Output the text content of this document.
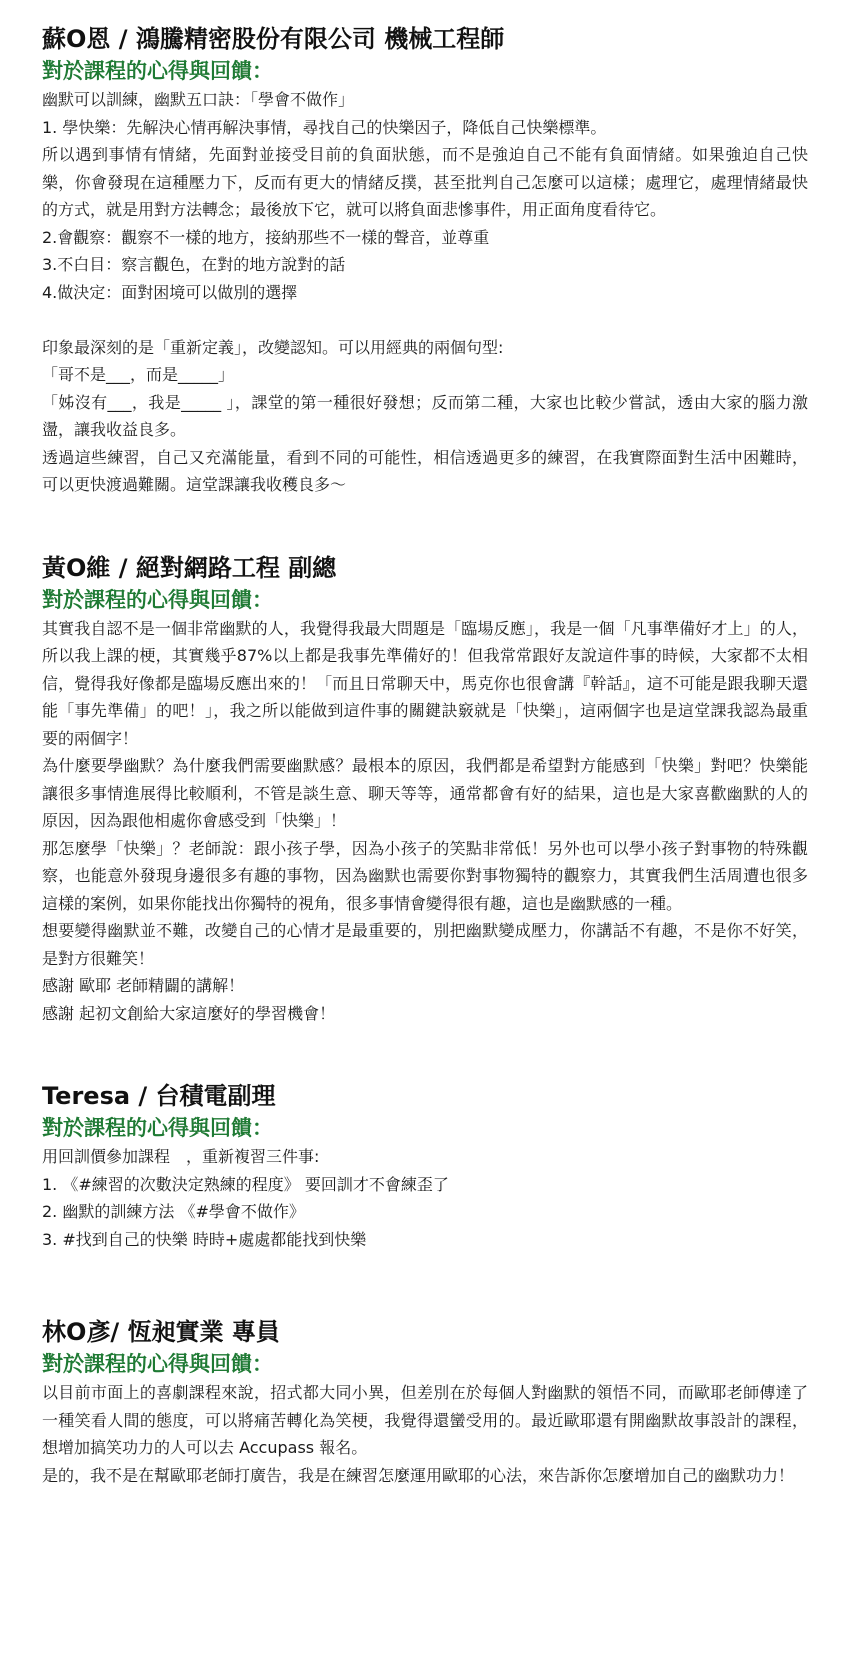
蘇O恩 / 鴻騰精密股份有限公司 機械工程師
對於課程的心得與回饋：

幽默可以訓練，幽默五口訣：「學會不做作」

1. 學快樂：先解決心情再解決事情，尋找自己的快樂因子，降低自己快樂標準。

所以遇到事情有情緒，先面對並接受目前的負面狀態，而不是強迫自己不能有負面情緒。如果強迫自己快樂，你會發現在這種壓力下，反而有更大的情緒反撲，甚至批判自己怎麼可以這樣；處理它，處理情緒最快的方式，就是用對方法轉念；最後放下它，就可以將負面悲慘事件，用正面角度看待它。

2.會觀察：觀察不一樣的地方，接納那些不一樣的聲音，並尊重

3.不白目：察言觀色，在對的地方說對的話

4.做決定：面對困境可以做別的選擇

印象最深刻的是「重新定義」，改變認知。可以用經典的兩個句型:

「哥不是___，而是_____」

「姊沒有___，我是_____ 」，課堂的第一種很好發想；反而第二種，大家也比較少嘗試，透由大家的腦力激盪，讓我收益良多。

透過這些練習，自己又充滿能量，看到不同的可能性，相信透過更多的練習，在我實際面對生活中困難時，可以更快渡過難關。這堂課讓我收穫良多～

黃O維 / 絕對網路工程 副總
對於課程的心得與回饋：

其實我自認不是一個非常幽默的人，我覺得我最大問題是「臨場反應」，我是一個「凡事準備好才上」的人，所以我上課的梗，其實幾乎87%以上都是我事先準備好的！但我常常跟好友說這件事的時候，大家都不太相信，覺得我好像都是臨場反應出來的！「而且日常聊天中，馬克你也很會講『幹話』，這不可能是跟我聊天還能「事先準備」的吧！」，我之所以能做到這件事的關鍵訣竅就是「快樂」，這兩個字也是這堂課我認為最重要的兩個字！

為什麼要學幽默？為什麼我們需要幽默感？最根本的原因，我們都是希望對方能感到「快樂」對吧？快樂能讓很多事情進展得比較順利，不管是談生意、聊天等等，通常都會有好的結果，這也是大家喜歡幽默的人的原因，因為跟他相處你會感受到「快樂」！

那怎麼學「快樂」？老師說：跟小孩子學，因為小孩子的笑點非常低！另外也可以學小孩子對事物的特殊觀察，也能意外發現身邊很多有趣的事物，因為幽默也需要你對事物獨特的觀察力，其實我們生活周遭也很多這樣的案例，如果你能找出你獨特的視角，很多事情會變得很有趣，這也是幽默感的一種。

想要變得幽默並不難，改變自己的心情才是最重要的，別把幽默變成壓力，你講話不有趣，不是你不好笑，是對方很難笑！

感謝 歐耶 老師精闢的講解！

感謝 起初文創給大家這麼好的學習機會！

Teresa / 台積電副理
對於課程的心得與回饋：

用回訓價參加課程　，重新複習三件事:

1. 《#練習的次數決定熟練的程度》 要回訓才不會練歪了

2. 幽默的訓練方法 《#學會不做作》

3. #找到自己的快樂 時時+處處都能找到快樂

林O彥/ 恆昶實業 專員
對於課程的心得與回饋：

以目前市面上的喜劇課程來說，招式都大同小異，但差別在於每個人對幽默的領悟不同，而歐耶老師傳達了一種笑看人間的態度，可以將痛苦轉化為笑梗，我覺得還蠻受用的。最近歐耶還有開幽默故事設計的課程，想增加搞笑功力的人可以去 Accupass 報名。

是的，我不是在幫歐耶老師打廣告，我是在練習怎麼運用歐耶的心法，來告訴你怎麼增加自己的幽默功力！
